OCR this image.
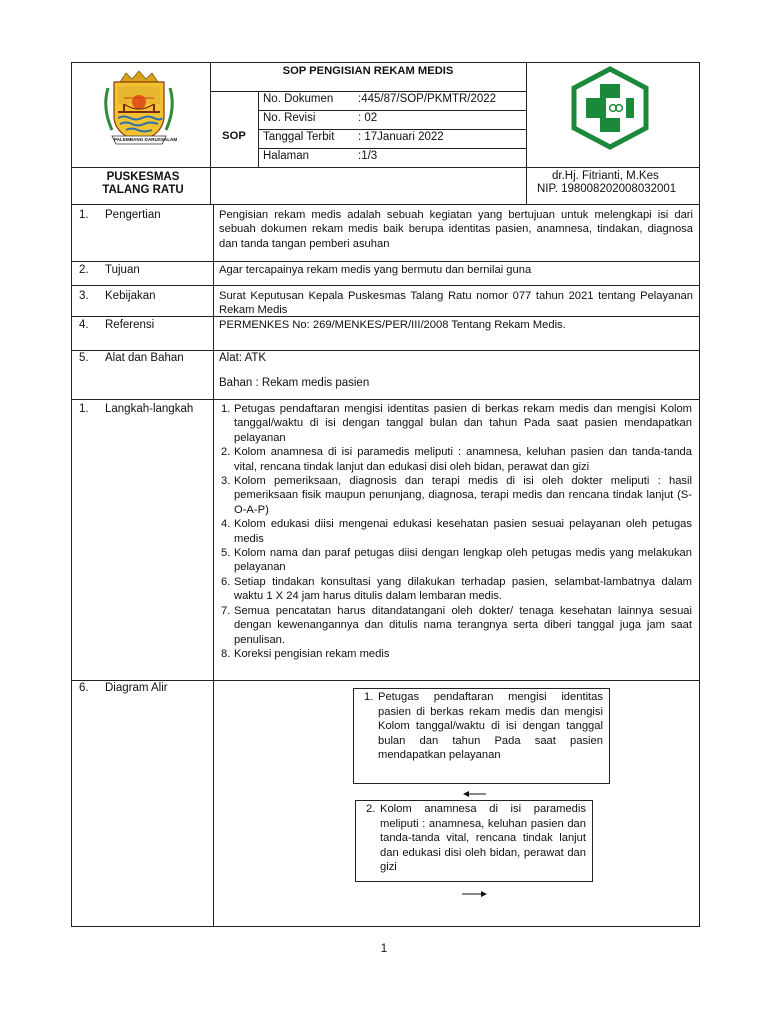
PALEMBANG DARUSSALAM
PUSKESMAS
TALANG RATU
SOP PENGISIAN REKAM MEDIS
SOP
No. Dokumen :445/87/SOP/PKMTR/2022
No. Revisi	: 02
Tanggal Terbit : 17Januari 2022
Halaman	:1/3
dr.Hj. Fitrianti, M.Kes
NIP. 198008202008032001
1. Pengertian	Pengisian rekam medis adalah sebuah kegiatan yang bertujuan untuk melengkapi isi dari sebuah dokumen rekam medis baik berupa identitas pasien, anamnesa, tindakan, diagnosa dan tanda tangan pemberi asuhan
2. Tujuan	Agar tercapainya rekam medis yang bermutu dan bernilai guna
3. Kebijakan	Surat Keputusan Kepala Puskesmas Talang Ratu nomor 077 tahun 2021 tentang Pelayanan Rekam Medis
4. Referensi	PERMENKES No: 269/MENKES/PER/III/2008 Tentang Rekam Medis.
5. Alat dan Bahan	Alat: ATK
Bahan : Rekam medis pasien
1. Langkah-langkah 1. Petugas pendaftaran mengisi identitas pasien di berkas rekam medis dan mengisi Kolom tanggal/waktu di isi dengan tanggal bulan dan tahun Pada saat pasien mendapatkan pelayanan
2. Kolom anamnesa di isi paramedis meliputi : anamnesa, keluhan pasien dan tanda-tanda vital, rencana tindak lanjut dan edukasi disi oleh bidan, perawat dan gizi
3. Kolom pemeriksaan, diagnosis dan terapi medis di isi oleh dokter meliputi : hasil pemeriksaan fisik maupun penunjang, diagnosa, terapi medis dan rencana tindak lanjut (S-O-A-P)
4. Kolom edukasi diisi mengenai edukasi kesehatan pasien sesuai pelayanan oleh petugas medis
5. Kolom nama dan paraf petugas diisi dengan lengkap oleh petugas medis yang melakukan pelayanan
6. Setiap tindakan konsultasi yang dilakukan terhadap pasien, selambat-lambatnya dalam waktu 1 X 24 jam harus ditulis dalam lembaran medis.
7. Semua pencatatan harus ditandatangani oleh dokter/ tenaga kesehatan lainnya sesuai dengan kewenangannya dan ditulis nama terangnya serta diberi tanggal juga jam saat penulisan.
8. Koreksi pengisian rekam medis
6. Diagram Alir
1. Petugas pendaftaran mengisi identitas pasien di berkas rekam medis dan mengisi Kolom tanggal/waktu di isi dengan tanggal bulan dan tahun Pada saat pasien mendapatkan pelayanan
2. Kolom anamnesa di isi paramedis meliputi : anamnesa, keluhan pasien dan tanda-tanda vital, rencana tindak lanjut dan edukasi disi oleh bidan, perawat dan gizi
1
